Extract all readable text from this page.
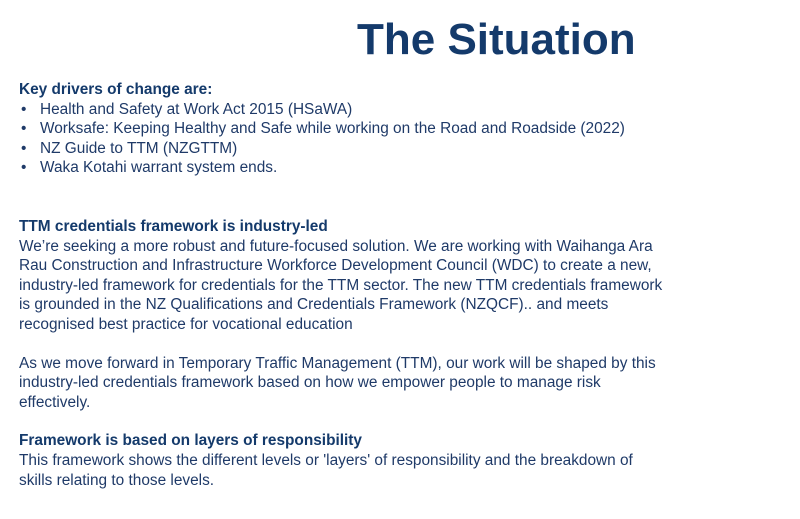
The Situation
Key drivers of change are:
• Health and Safety at Work Act 2015 (HSaWA)
• Worksafe: Keeping Healthy and Safe while working on the Road and Roadside (2022)
• NZ Guide to TTM (NZGTTM)
• Waka Kotahi warrant system ends.
TTM credentials framework is industry-led

We’re seeking a more robust and future-focused solution. We are working with Waihanga Ara
Rau Construction and Infrastructure Workforce Development Council (WDC) to create a new,
industry-led framework for credentials for the TTM sector. The new TTM credentials framework
is grounded in the NZ Qualifications and Credentials Framework (NZQCF).. and meets
recognised best practice for vocational education

As we move forward in Temporary Traffic Management (TTM), our work will be shaped by this
industry-led credentials framework based on how we empower people to manage risk
effectively.

Framework is based on layers of responsibility

This framework shows the different levels or 'layers' of responsibility and the breakdown of
skills relating to those levels.
